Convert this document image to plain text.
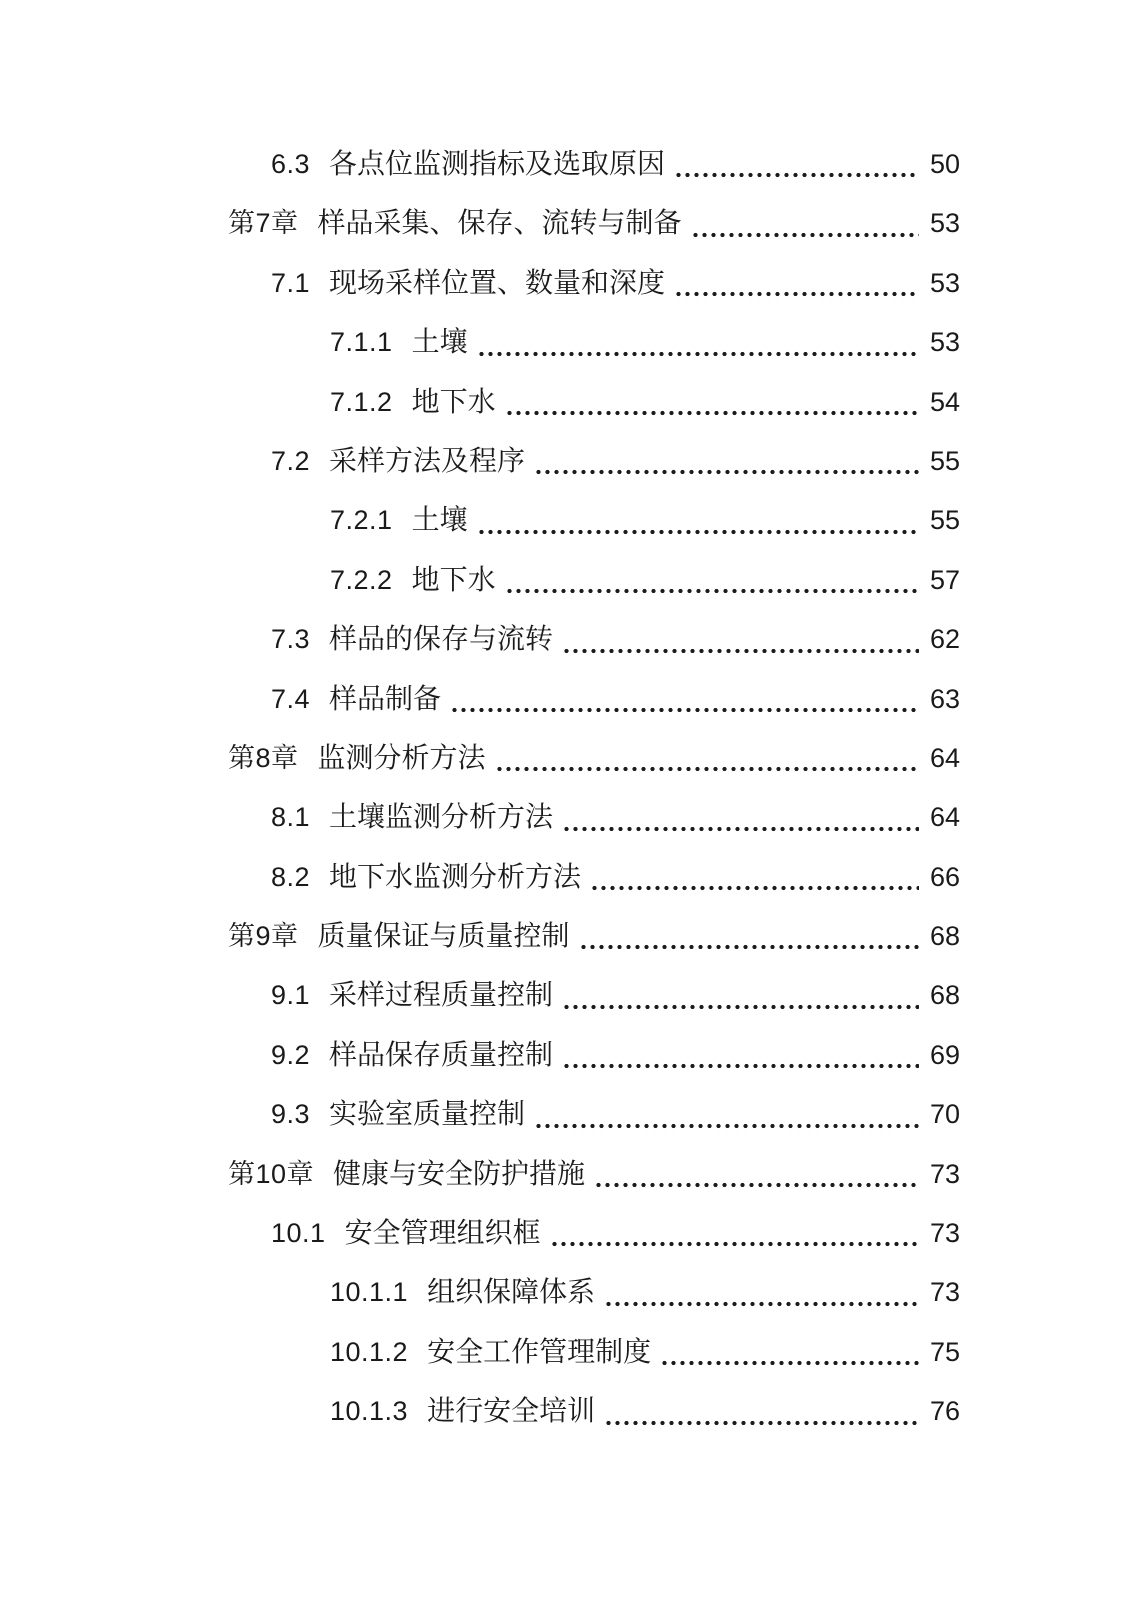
6.3 各点位监测指标及选取原因	50
第7章 样品采集、保存、流转与制备	53
7.1 现场采样位置、数量和深度	53
7.1.1 土壤	53
7.1.2 地下水	54
7.2 采样方法及程序	55
7.2.1 土壤	55
7.2.2 地下水	57
7.3 样品的保存与流转	62
7.4 样品制备	63
第8章 监测分析方法	64
8.1 土壤监测分析方法	64
8.2 地下水监测分析方法	66
第9章 质量保证与质量控制	68
9.1 采样过程质量控制	68
9.2 样品保存质量控制	69
9.3 实验室质量控制	70
第10章 健康与安全防护措施	73
10.1 安全管理组织框	73
10.1.1 组织保障体系	73
10.1.2 安全工作管理制度	75
10.1.3 进行安全培训	76
